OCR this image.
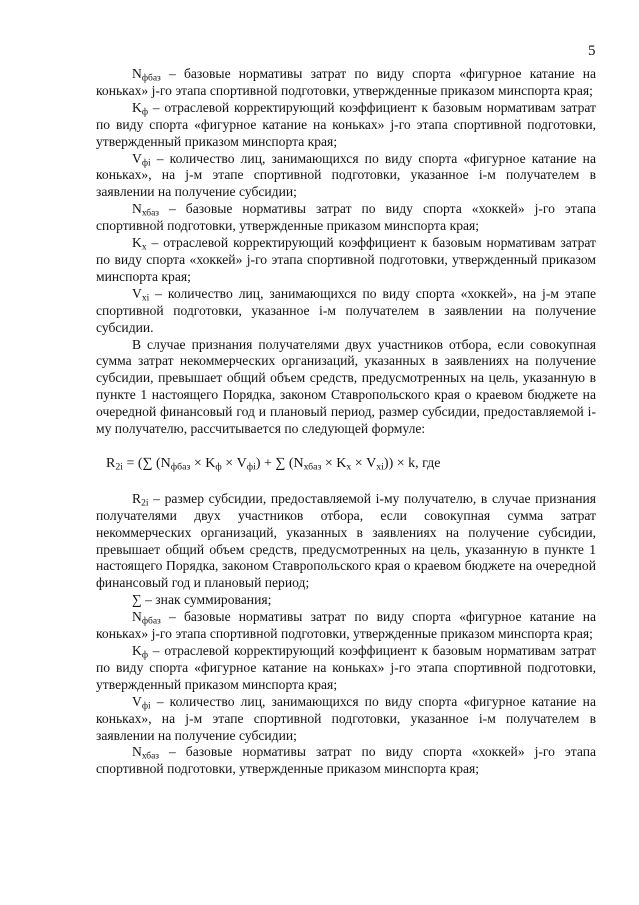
5

$N_{фбаз}$ – базовые нормативы затрат по виду спорта «фигурное катание на коньках» j-го этапа спортивной подготовки, утвержденные приказом минспорта края;

$K_ф$ – отраслевой корректирующий коэффициент к базовым нормативам затрат по виду спорта «фигурное катание на коньках» j-го этапа спортивной подготовки, утвержденный приказом минспорта края;

$V_{фi}$ – количество лиц, занимающихся по виду спорта «фигурное катание на коньках», на j-м этапе спортивной подготовки, указанное i-м получателем в заявлении на получение субсидии;

$N_{хбаз}$ – базовые нормативы затрат по виду спорта «хоккей» j-го этапа спортивной подготовки, утвержденные приказом минспорта края;

$K_х$ – отраслевой корректирующий коэффициент к базовым нормативам затрат по виду спорта «хоккей» j-го этапа спортивной подготовки, утвержденный приказом минспорта края;

$V_{хi}$ – количество лиц, занимающихся по виду спорта «хоккей», на j-м этапе спортивной подготовки, указанное i-м получателем в заявлении на получение субсидии.

В случае признания получателями двух участников отбора, если совокупная сумма затрат некоммерческих организаций, указанных в заявлениях на получение субсидии, превышает общий объем средств, предусмотренных на цель, указанную в пункте 1 настоящего Порядка, законом Ставропольского края о краевом бюджете на очередной финансовый год и плановый период, размер субсидии, предоставляемой i-му получателю, рассчитывается по следующей формуле:

$R_{2i}$ = (∑ $(N_{фбаз} \times K_ф \times V_{фi})$ + ∑ $(N_{хбаз} \times K_х \times V_{хi})) \times k$, где

$R_{2i}$ – размер субсидии, предоставляемой i-му получателю, в случае признания получателями двух участников отбора, если совокупная сумма затрат некоммерческих организаций, указанных в заявлениях на получение субсидии, превышает общий объем средств, предусмотренных на цель, указанную в пункте 1 настоящего Порядка, законом Ставропольского края о краевом бюджете на очередной финансовый год и плановый период;

∑ – знак суммирования;

$N_{фбаз}$ – базовые нормативы затрат по виду спорта «фигурное катание на коньках» j-го этапа спортивной подготовки, утвержденные приказом минспорта края;

$K_ф$ – отраслевой корректирующий коэффициент к базовым нормативам затрат по виду спорта «фигурное катание на коньках» j-го этапа спортивной подготовки, утвержденный приказом минспорта края;

$V_{фi}$ – количество лиц, занимающихся по виду спорта «фигурное катание на коньках», на j-м этапе спортивной подготовки, указанное i-м получателем в заявлении на получение субсидии;

$N_{хбаз}$ – базовые нормативы затрат по виду спорта «хоккей» j-го этапа спортивной подготовки, утвержденные приказом минспорта края;
